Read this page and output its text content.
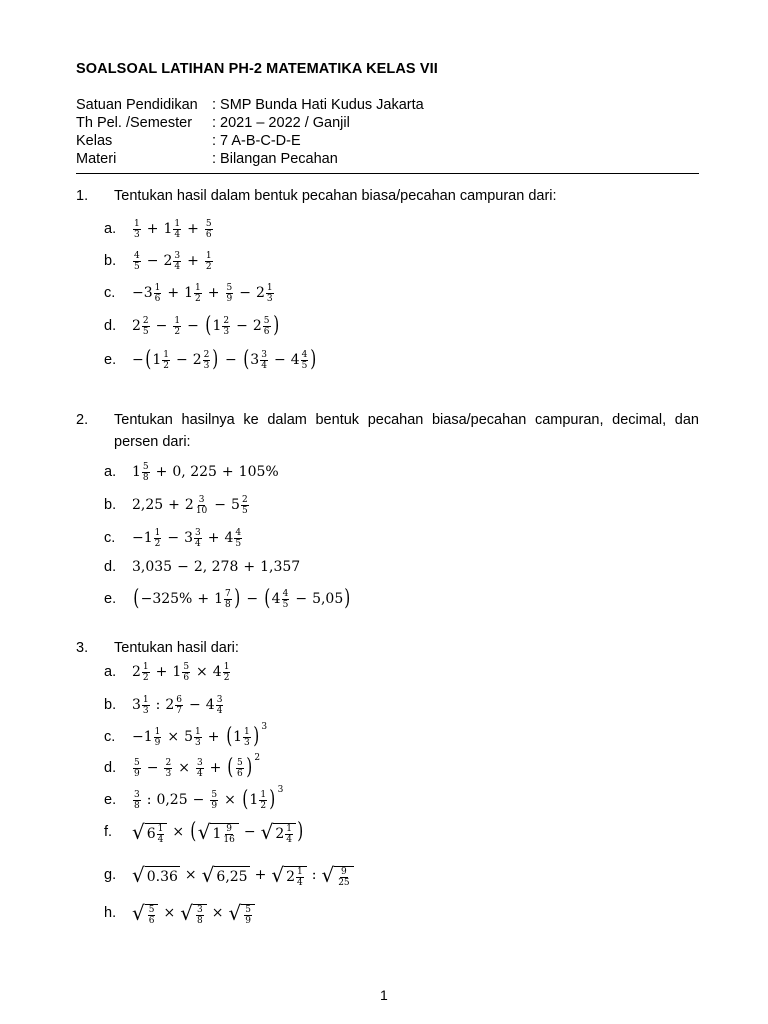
SOALSOAL LATIHAN PH-2 MATEMATIKA KELAS VII
Satuan Pendidikan : SMP Bunda Hati Kudus Jakarta
Th Pel. /Semester	: 2021 – 2022 / Ganjil
Kelas	: 7 A-B-C-D-E
Materi	: Bilangan Pecahan
1. Tentukan hasil dalam bentuk pecahan biasa/pecahan campuran dari:
a. $\frac{1}{3} + 1 \frac{1}{4} + \frac{5}{6}$
b. $\frac{4}{5} - 2 \frac{3}{4} + \frac{1}{2}$
c. $-3 \frac{1}{6} + 1 \frac{1}{2} + \frac{5}{9} - 2 \frac{1}{3}$
d. $2 \frac{2}{5} - \frac{1}{2}$ − ( $1 \frac{2}{3} - 2 \frac{5}{6}$ )
e. − ( $1 \frac{1}{2} - 2 \frac{2}{3}$ ) − ( $3 \frac{3}{4} - 4 \frac{4}{5}$ )
2. Tentukan hasilnya ke dalam bentuk pecahan biasa/pecahan campuran, decimal, dan persen dari:
a. $1 \frac{5}{8} + 0$, 225 + 105%
b. $2,25 + 2 \frac{3}{10} - 5 \frac{2}{5}$
c. $-1 \frac{1}{2} - 3 \frac{3}{4} + 4 \frac{4}{5}$
d. 3,035 − 2, 278 + 1,357
e. ( $-325\% + 1 \frac{7}{8}$ ) − ( $4 \frac{4}{5} - 5,05$ )
3. Tentukan hasil dari:
a. $2 \frac{1}{2} + 1 \frac{5}{6} \times 4 \frac{1}{2}$
b. $3 \frac{1}{3}$ : $2 \frac{6}{7} - 4 \frac{3}{4}$
c. $-1 \frac{1}{9} \times 5 \frac{1}{3}$ + ( $1 \frac{1}{3}$ ) 3
d. $\frac{5}{9} - \frac{2}{3} \times \frac{3}{4}$ + ( $\frac{5}{6}$ ) 2
e. $\frac{3}{8}$ : $0,25 - \frac{5}{9}$ × ( $1 \frac{1}{2}$ ) 3
f. √ $6 \frac{1}{4}$ × ( √ $1 \frac{9}{16}$ − √ $2 \frac{1}{4}$ )
g. √ 0.36 × √ 6,25 + √ $2 \frac{1}{4}$ : √ $\frac{9}{25}$
h. √ $\frac{5}{6}$ × √ $\frac{3}{8}$ × √ $\frac{5}{9}$
1
